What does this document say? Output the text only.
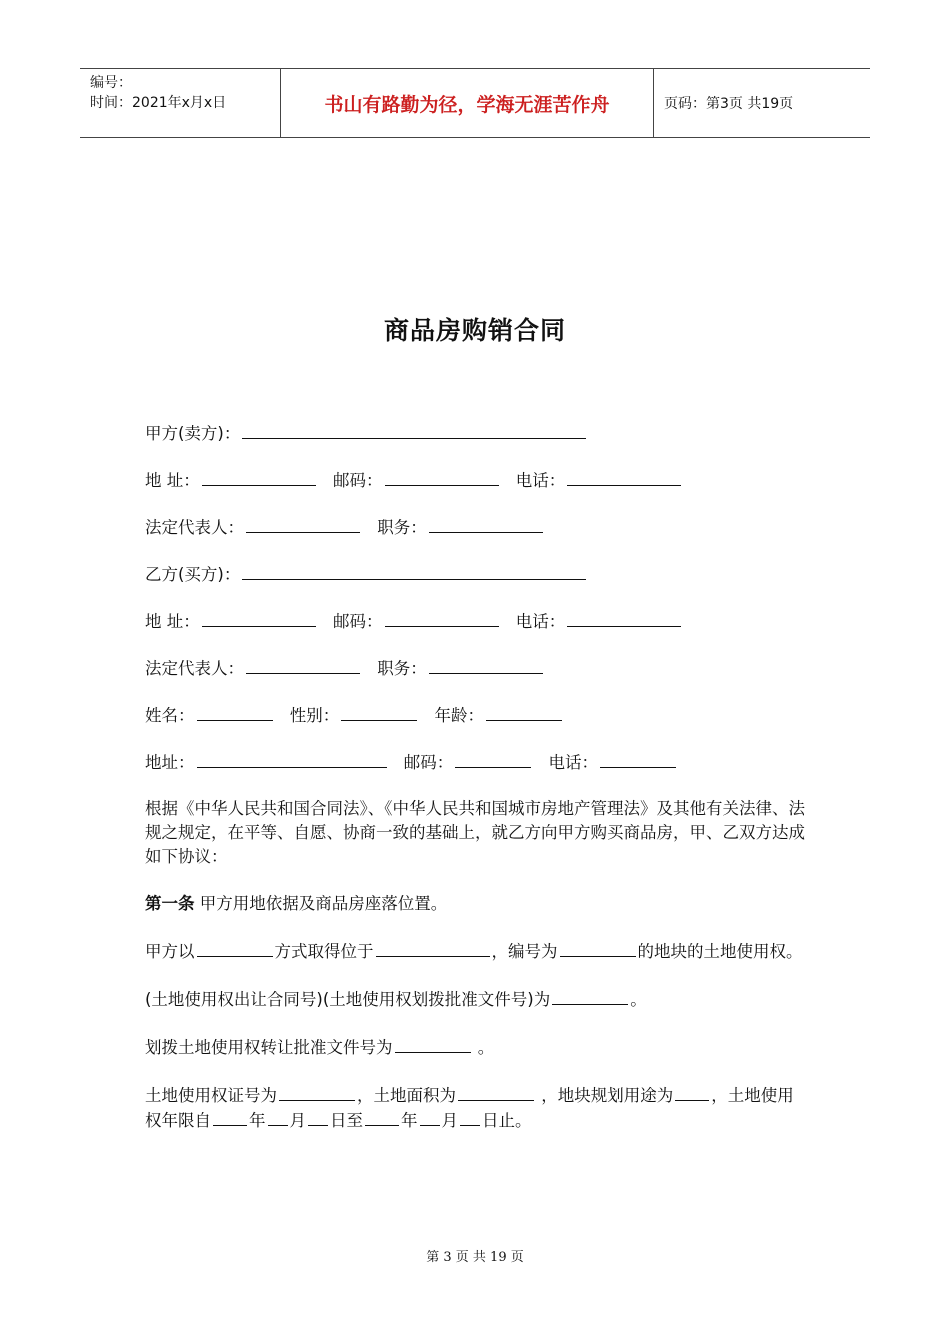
编号：
时间：2021年x月x日	书山有路勤为径，学海无涯苦作舟	页码：第3页 共19页
商品房购销合同
甲方(卖方)：
地 址：	邮码：	电话：
法定代表人：	职务：
乙方(买方)：
地 址：	邮码：	电话：
法定代表人：	职务：
姓名：	性别：	年龄：
地址：	邮码：	电话：
根据《中华人民共和国合同法》、《中华人民共和国城市房地产管理法》及其他有关法律、法规之规定，在平等、自愿、协商一致的基础上，就乙方向甲方购买商品房，甲、乙双方达成如下协议：
第一条 甲方用地依据及商品房座落位置。
甲方以	方式取得位于	，编号为	的地块的土地使用权。
(土地使用权出让合同号)(土地使用权划拨批准文件号)为	。
划拨土地使用权转让批准文件号为	。
土地使用权证号为	，土地面积为	，地块规划用途为 ，土地使用权年限自 年 月 日至 年 月 日止。
第 3 页 共 19 页
